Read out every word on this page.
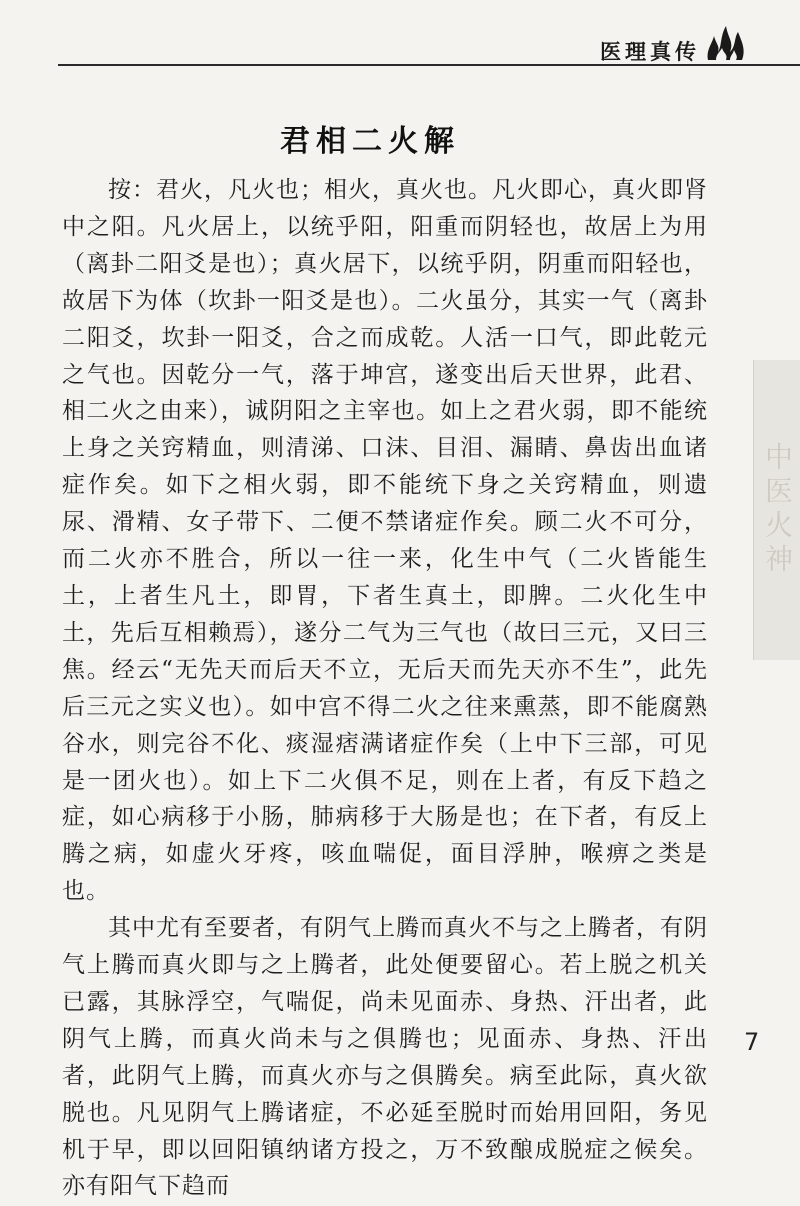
医理真传
中医火神
君相二火解

按：君火，凡火也；相火，真火也。凡火即心，真火即肾中之阳。凡火居上，以统乎阳，阳重而阴轻也，故居上为用（离卦二阳爻是也）；真火居下，以统乎阴，阴重而阳轻也，故居下为体（坎卦一阳爻是也）。二火虽分，其实一气（离卦二阳爻，坎卦一阳爻，合之而成乾。人活一口气，即此乾元之气也。因乾分一气，落于坤宫，遂变出后天世界，此君、相二火之由来），诚阴阳之主宰也。如上之君火弱，即不能统上身之关窍精血，则清涕、口沫、目泪、漏睛、鼻齿出血诸症作矣。如下之相火弱，即不能统下身之关窍精血，则遗尿、滑精、女子带下、二便不禁诸症作矣。顾二火不可分，而二火亦不胜合，所以一往一来，化生中气（二火皆能生土，上者生凡土，即胃，下者生真土，即脾。二火化生中土，先后互相赖焉），遂分二气为三气也（故曰三元，又曰三焦。经云“无先天而后天不立，无后天而先天亦不生”，此先后三元之实义也）。如中宫不得二火之往来熏蒸，即不能腐熟谷水，则完谷不化、痰湿痞满诸症作矣（上中下三部，可见是一团火也）。如上下二火俱不足，则在上者，有反下趋之症，如心病移于小肠，肺病移于大肠是也；在下者，有反上腾之病，如虚火牙疼，咳血喘促，面目浮肿，喉痹之类是也。

其中尤有至要者，有阴气上腾而真火不与之上腾者，有阴气上腾而真火即与之上腾者，此处便要留心。若上脱之机关已露，其脉浮空，气喘促，尚未见面赤、身热、汗出者，此阴气上腾，而真火尚未与之俱腾也；见面赤、身热、汗出者，此阴气上腾，而真火亦与之俱腾矣。病至此际，真火欲脱也。凡见阴气上腾诸症，不必延至脱时而始用回阳，务见机于早，即以回阳镇纳诸方投之，万不致酿成脱症之候矣。亦有阳气下趋而

7
